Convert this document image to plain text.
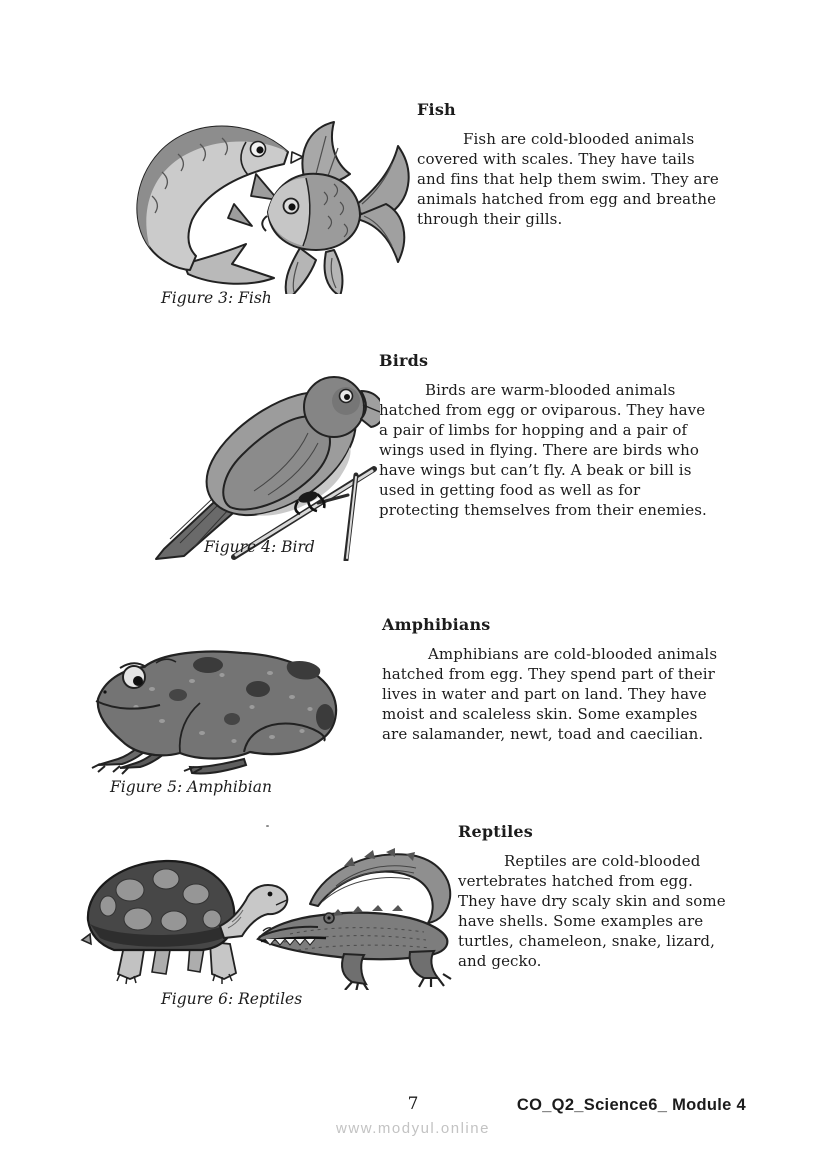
Figure 3: Fish
Fish

Fish are cold-blooded animals covered with scales. They have tails and fins that help them swim. They are animals hatched from egg and breathe through their gills.

Birds

Birds are warm-blooded animals hatched from egg or oviparous. They have a pair of limbs for hopping and a pair of wings used in flying. There are birds who have wings but can’t fly. A beak or bill is used in getting food as well as for protecting themselves from their enemies.

Figure 4: Bird
Amphibians

Amphibians are cold-blooded animals hatched from egg. They spend part of their lives in water and part on land. They have moist and scaleless skin. Some examples are salamander, newt, toad and caecilian.

Figure 5: Amphibian
Reptiles

Reptiles are cold-blooded vertebrates hatched from egg. They have dry scaly skin and some have shells. Some examples are turtles, chameleon, snake, lizard, and gecko.

Figure 6: Reptiles
7	CO_Q2_Science6_ Module 4
www.modyul.online
